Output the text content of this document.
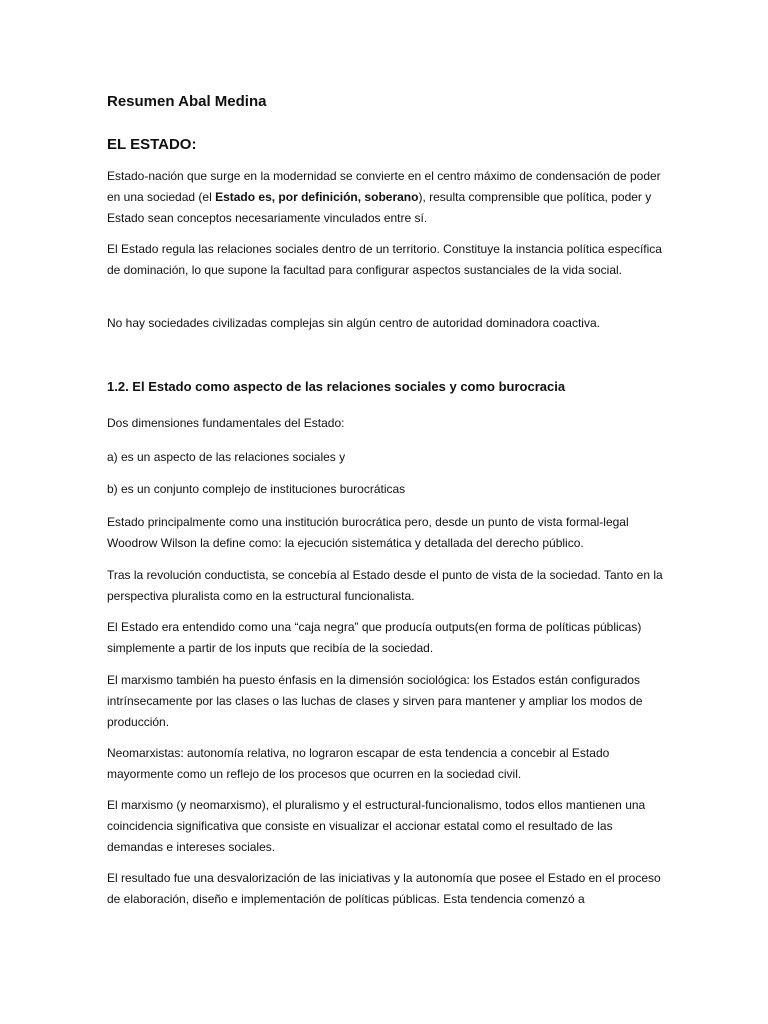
Resumen Abal Medina
EL ESTADO:

Estado-nación que surge en la modernidad se convierte en el centro máximo de condensación de poder en una sociedad (el Estado es, por definición, soberano), resulta comprensible que política, poder y Estado sean conceptos necesariamente vinculados entre sí.

El Estado regula las relaciones sociales dentro de un territorio. Constituye la instancia política específica de dominación, lo que supone la facultad para configurar aspectos sustanciales de la vida social.

No hay sociedades civilizadas complejas sin algún centro de autoridad dominadora coactiva.

1.2. El Estado como aspecto de las relaciones sociales y como burocracia

Dos dimensiones fundamentales del Estado:

a) es un aspecto de las relaciones sociales y

b) es un conjunto complejo de instituciones burocráticas

Estado principalmente como una institución burocrática pero, desde un punto de vista formal-legal Woodrow Wilson la define como: la ejecución sistemática y detallada del derecho público.

Tras la revolución conductista, se concebía al Estado desde el punto de vista de la sociedad. Tanto en la perspectiva pluralista como en la estructural funcionalista.

El Estado era entendido como una “caja negra” que producía outputs(en forma de políticas públicas) simplemente a partir de los inputs que recibía de la sociedad.

El marxismo también ha puesto énfasis en la dimensión sociológica: los Estados están configurados intrínsecamente por las clases o las luchas de clases y sirven para mantener y ampliar los modos de producción.

Neomarxistas: autonomía relativa, no lograron escapar de esta tendencia a concebir al Estado mayormente como un reflejo de los procesos que ocurren en la sociedad civil.

El marxismo (y neomarxismo), el pluralismo y el estructural-funcionalismo, todos ellos mantienen una coincidencia significativa que consiste en visualizar el accionar estatal como el resultado de las demandas e intereses sociales.

El resultado fue una desvalorización de las iniciativas y la autonomía que posee el Estado en el proceso de elaboración, diseño e implementación de políticas públicas. Esta tendencia comenzó a
